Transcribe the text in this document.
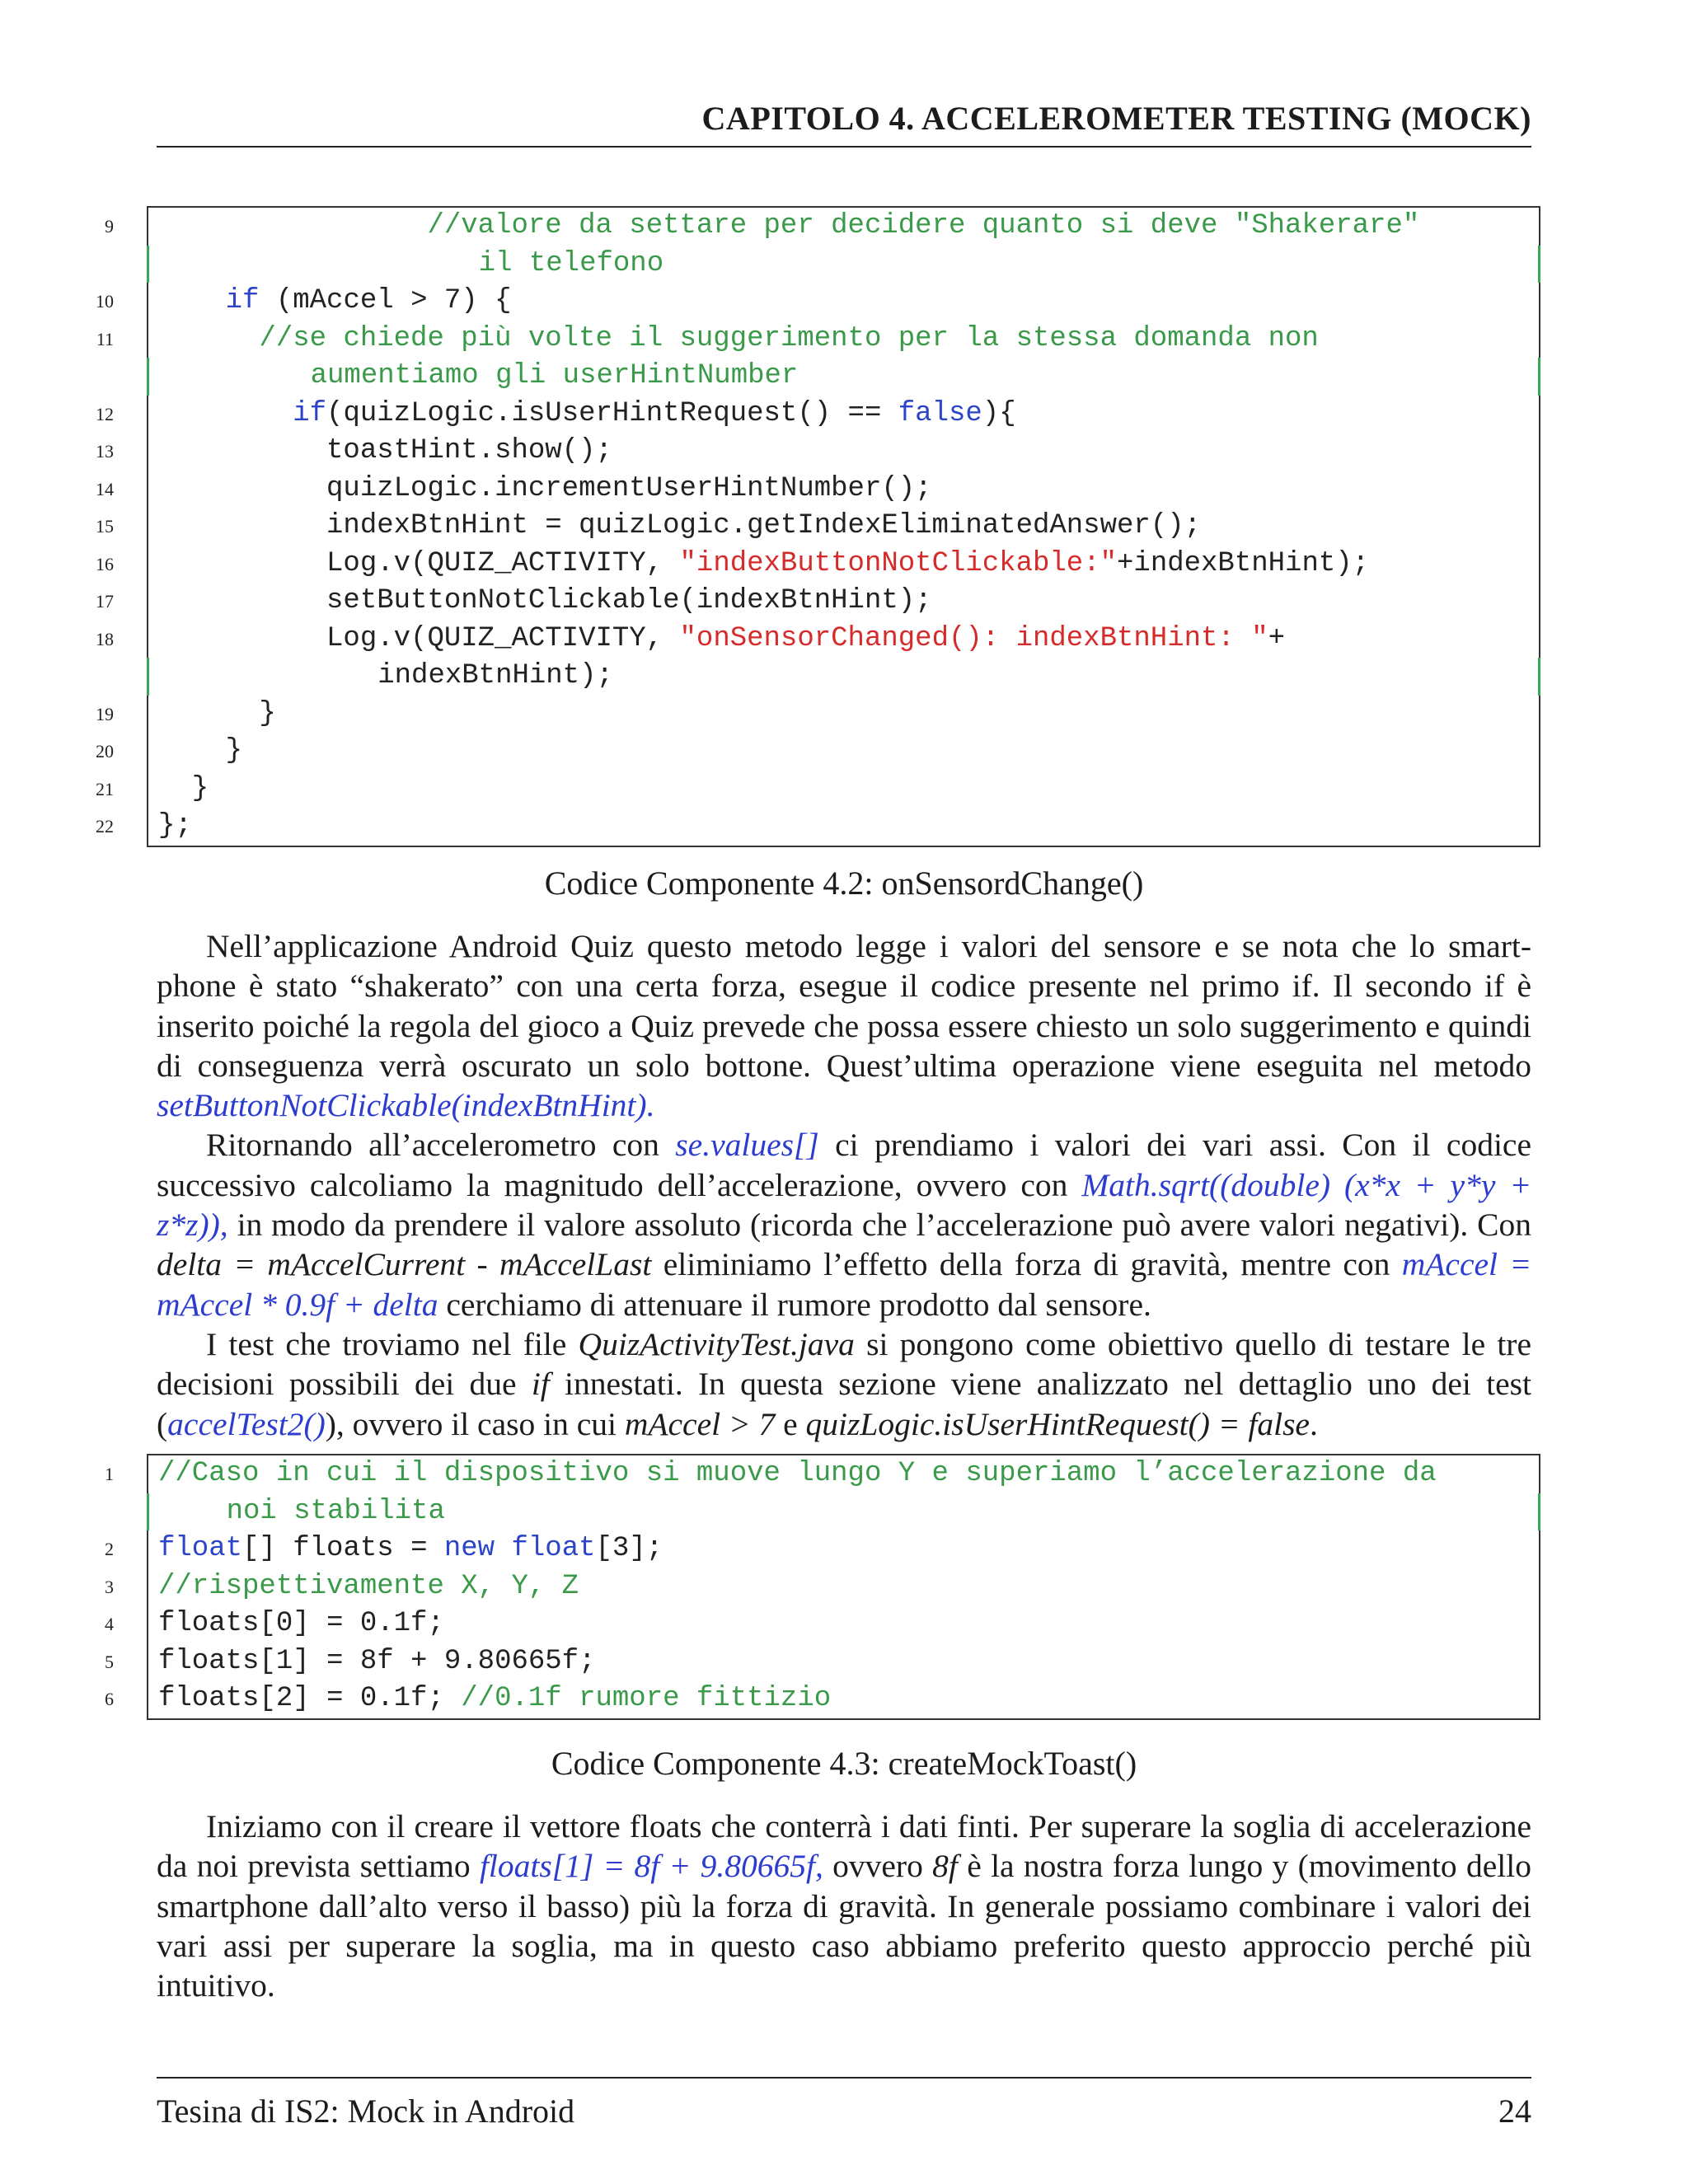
CAPITOLO 4. ACCELEROMETER TESTING (MOCK)
9	//valore da settare per decidere quanto si deve "Shakerare"
il telefono
10	if (mAccel > 7) {
11	//se chiede più volte il suggerimento per la stessa domanda non
aumentiamo gli userHintNumber
12	if(quizLogic.isUserHintRequest() == false){
13 toastHint.show();
14 quizLogic.incrementUserHintNumber();
15 indexBtnHint = quizLogic.getIndexEliminatedAnswer();
16 Log.v(QUIZ_ACTIVITY, "indexButtonNotClickable:"+indexBtnHint);
17 setButtonNotClickable(indexBtnHint);
18 Log.v(QUIZ_ACTIVITY, "onSensorChanged(): indexBtnHint: "+
indexBtnHint);
19 }
20 }
21 }
22 };
Codice Componente 4.2: onSensordChange()

Nell’applicazione Android Quiz questo metodo legge i valori del sensore e se nota che lo smart-phone è stato “shakerato” con una certa forza, esegue il codice presente nel primo if. Il secondo if è inserito poiché la regola del gioco a Quiz prevede che possa essere chiesto un solo suggerimento e quindi di conseguenza verrà oscurato un solo bottone. Quest’ultima operazione viene eseguita nel metodo setButtonNotClickable(indexBtnHint).

Ritornando all’accelerometro con se.values[] ci prendiamo i valori dei vari assi. Con il codice successivo calcoliamo la magnitudo dell’accelerazione, ovvero con Math.sqrt((double) (x*x + y*y + z*z)), in modo da prendere il valore assoluto (ricorda che l’accelerazione può avere valori negativi). Con delta = mAccelCurrent - mAccelLast eliminiamo l’effetto della forza di gravità, mentre con mAccel = mAccel * 0.9f + delta cerchiamo di attenuare il rumore prodotto dal sensore.

I test che troviamo nel file QuizActivityTest.java si pongono come obiettivo quello di testare le tre decisioni possibili dei due if innestati. In questa sezione viene analizzato nel dettaglio uno dei test (accelTest2()), ovvero il caso in cui mAccel > 7 e quizLogic.isUserHintRequest() = false.

1 //Caso in cui il dispositivo si muove lungo Y e superiamo l’accelerazione da
noi stabilita
2 float[] floats = new float[3];
3 //rispettivamente X, Y, Z
4 floats[0] = 0.1f;
5 floats[1] = 8f + 9.80665f;
6 floats[2] = 0.1f; //0.1f rumore fittizio
Codice Componente 4.3: createMockToast()

Iniziamo con il creare il vettore floats che conterrà i dati finti. Per superare la soglia di accelerazione da noi prevista settiamo floats[1] = 8f + 9.80665f, ovvero 8f è la nostra forza lungo y (movimento dello smartphone dall’alto verso il basso) più la forza di gravità. In generale possiamo combinare i valori dei vari assi per superare la soglia, ma in questo caso abbiamo preferito questo approccio perché più intuitivo.

Tesina di IS2: Mock in Android	24
